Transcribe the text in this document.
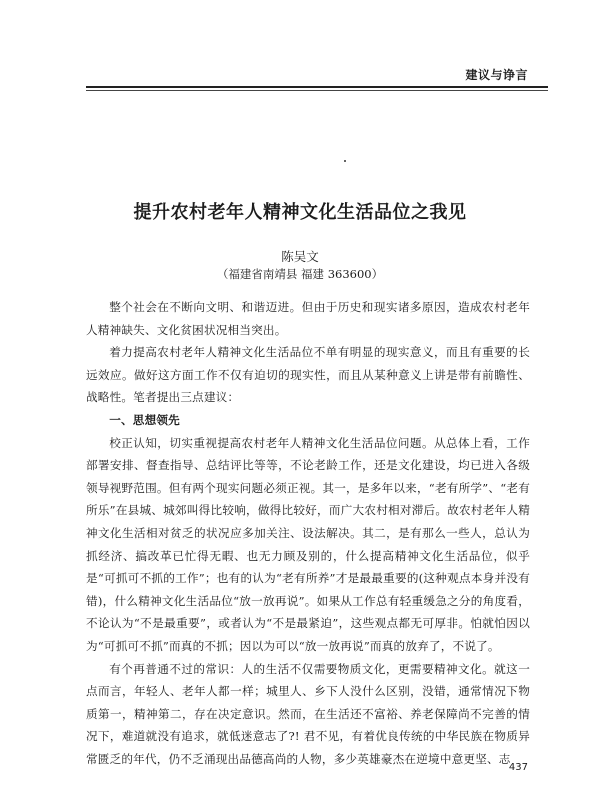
建议与诤言
提升农村老年人精神文化生活品位之我见
陈吴文
（福建省南靖县 福建 363600）

整个社会在不断向文明、和谐迈进。但由于历史和现实诸多原因，造成农村老年人精神缺失、文化贫困状况相当突出。

着力提高农村老年人精神文化生活品位不单有明显的现实意义，而且有重要的长远效应。做好这方面工作不仅有迫切的现实性，而且从某种意义上讲是带有前瞻性、战略性。笔者提出三点建议：

一、思想领先

校正认知，切实重视提高农村老年人精神文化生活品位问题。从总体上看，工作部署安排、督查指导、总结评比等等，不论老龄工作，还是文化建设，均已进入各级领导视野范围。但有两个现实问题必须正视。其一，是多年以来，“老有所学”、“老有所乐”在县城、城郊叫得比较响，做得比较好，而广大农村相对滞后。故农村老年人精神文化生活相对贫乏的状况应多加关注、设法解决。其二，是有那么一些人，总认为抓经济、搞改革已忙得无暇、也无力顾及别的，什么提高精神文化生活品位，似乎是“可抓可不抓的工作”；也有的认为“老有所养”才是最最重要的(这种观点本身并没有错)，什么精神文化生活品位“放一放再说”。如果从工作总有轻重缓急之分的角度看，不论认为“不是最重要”，或者认为“不是最紧迫”，这些观点都无可厚非。怕就怕因以为“可抓可不抓”而真的不抓；因以为可以“放一放再说”而真的放弃了，不说了。

有个再普通不过的常识：人的生活不仅需要物质文化，更需要精神文化。就这一点而言，年轻人、老年人都一样；城里人、乡下人没什么区别，没错，通常情况下物质第一，精神第二，存在决定意识。然而，在生活还不富裕、养老保障尚不完善的情况下，难道就没有追求，就低迷意志了?! 君不见，有着优良传统的中华民族在物质异常匮乏的年代，仍不乏涌现出品德高尚的人物，多少英雄豪杰在逆境中意更坚、志

437
